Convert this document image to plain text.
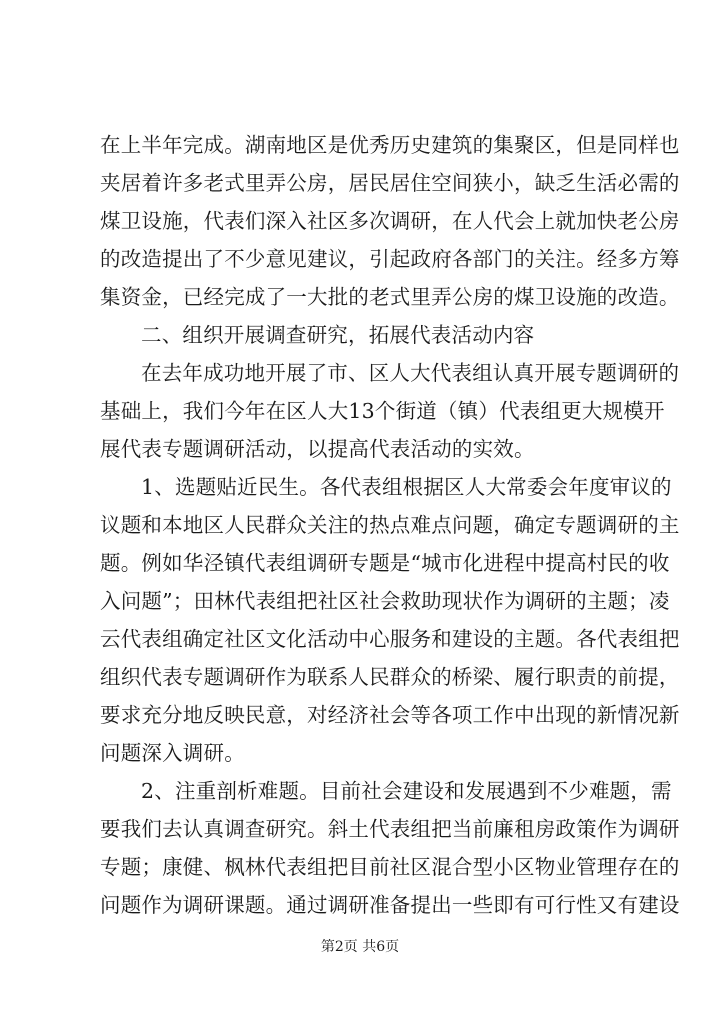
在上半年完成。湖南地区是优秀历史建筑的集聚区，但是同样也
夹居着许多老式里弄公房，居民居住空间狭小，缺乏生活必需的
煤卫设施，代表们深入社区多次调研，在人代会上就加快老公房
的改造提出了不少意见建议，引起政府各部门的关注。经多方筹
集资金，已经完成了一大批的老式里弄公房的煤卫设施的改造。
二、组织开展调查研究，拓展代表活动内容
在去年成功地开展了市、区人大代表组认真开展专题调研的
基础上，我们今年在区人大13个街道（镇）代表组更大规模开
展代表专题调研活动，以提高代表活动的实效。
1、选题贴近民生。各代表组根据区人大常委会年度审议的
议题和本地区人民群众关注的热点难点问题，确定专题调研的主
题。例如华泾镇代表组调研专题是“城市化进程中提高村民的收
入问题”；田林代表组把社区社会救助现状作为调研的主题；凌
云代表组确定社区文化活动中心服务和建设的主题。各代表组把
组织代表专题调研作为联系人民群众的桥梁、履行职责的前提，
要求充分地反映民意，对经济社会等各项工作中出现的新情况新
问题深入调研。
2、注重剖析难题。目前社会建设和发展遇到不少难题，需
要我们去认真调查研究。斜土代表组把当前廉租房政策作为调研
专题；康健、枫林代表组把目前社区混合型小区物业管理存在的
问题作为调研课题。通过调研准备提出一些即有可行性又有建设
第2页 共6页
